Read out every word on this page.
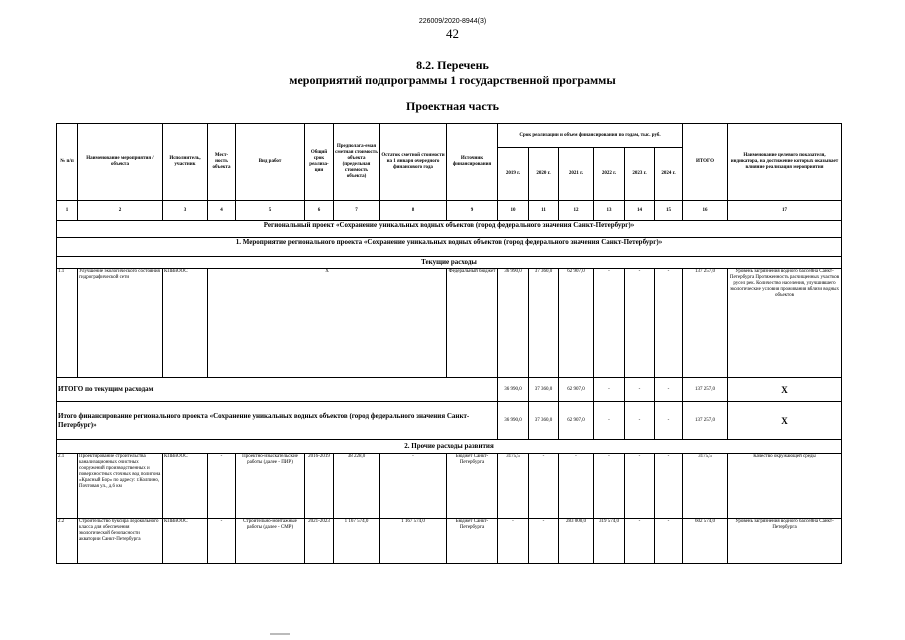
226009/2020-8944(3)
42
8.2. Перечень
мероприятий подпрограммы 1 государственной программы
Проектная часть
№ п/п	Наименование мероприятия / объекта	Исполнитель, участник	Мест-ность объекта	Вид работ	Общий срок реализа-ции	Предполага-емая сметная стоимость объекта (предельная стоимость объекта)	Остаток сметной стоимости на 1 января очередного финансового года	Источник финансирования	Срок реализации и объем финансирования по годам, тыс. руб.						ИТОГО	Наименование целевого показателя, индикатора, на достижение которых оказывает влияние реализация мероприятия
									2019 г.	2020 г.	2021 г.	2022 г.	2023 г.	2024 г.		
1	2	3	4	5	6	7	8	9	10	11	12	13	14	15	16	17
Региональный проект «Сохранение уникальных водных объектов (город федерального значения Санкт-Петербург)»																
1. Мероприятие регионального проекта «Сохранение уникальных водных объектов (город федерального значения Санкт-Петербург)»																
Текущие расходы																
1.1	Улучшение экологического состояния гидрографической сети	КПВиООС	Х					Федеральный бюджет	36 990,0	37 360,0	62 907,0	-	-	-	137 257,0	Уровень загрязнения водного бассейна Санкт-Петербурга Протяженность расчищенных участков русел рек. Количество населения, улучшившего экологические условия проживания вблизи водных объектов
ИТОГО по текущим расходам									36 990,0	37 360,0	62 907,0	-	-	-	137 257,0	Х
Итого финансирование регионального проекта «Сохранение уникальных водных объектов (город федерального значения Санкт-Петербург)»									36 990,0	37 360,0	62 907,0	-	-	-	137 257,0	Х
2. Прочие расходы развития																
2.1	Проектирование строительства канализационных очистных сооружений производственных и поверхностных сточных вод полигона «Красный Бор» по адресу: г.Колпино, Почтовая ул., д.6 км	КПВиООС	-	Проектно-изыскательские работы (далее - ПИР)	2016-2019	38 228,0	-	Бюджет Санкт-Петербурга	3175,5	-	-	-	-	-	3175,5	Качество окружающей среды
2.2	Строительство буксира ледокольного класса для обеспечения экологической безопасности акватории Санкт-Петербурга	КПВиООС	-	Строительно-монтажные работы (далее - СМР)	2021-2023	1 167 574,0	1 167 574,0	Бюджет Санкт-Петербурга	-	-	283 000,0	319 574,0	-	-	602 574,0	Уровень загрязнения водного бассейна Санкт-Петербурга
